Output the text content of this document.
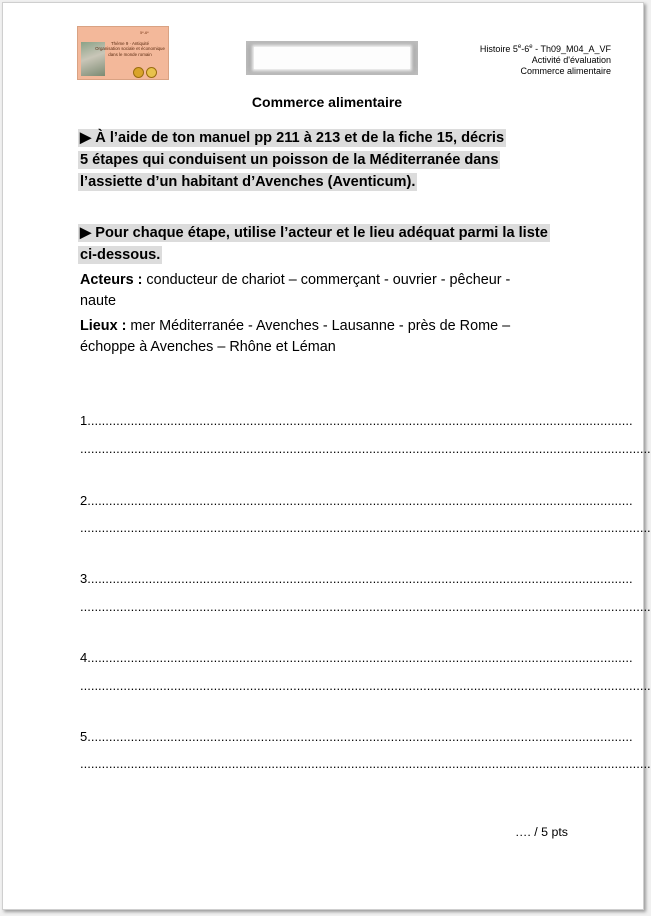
5ᵉ-6ᵉ
Thème 9 · Antiquité
Organisation sociale et économique dans le monde romain
Histoire 5e-6e - Th09_M04_A_VF
Activité d'évaluation
Commerce alimentaire
Commerce alimentaire
▶ À l’aide de ton manuel pp 211 à 213 et de la fiche 15, décris
5 étapes qui conduisent un poisson de la Méditerranée dans
l’assiette d’un habitant d’Avenches (Aventicum).
▶ Pour chaque étape, utilise l’acteur et le lieu adéquat parmi la liste
ci-dessous.
Acteurs : conducteur de chariot – commerçant - ouvrier - pêcheur -
naute
Lieux : mer Méditerranée - Avenches - Lausanne - près de Rome –
échoppe à Avenches – Rhône et Léman
1.......................................................................................................................................................
..............................................................................................................................................................
2.......................................................................................................................................................
..............................................................................................................................................................
3.......................................................................................................................................................
..............................................................................................................................................................
4.......................................................................................................................................................
..............................................................................................................................................................
5.......................................................................................................................................................
..............................................................................................................................................................
…. / 5 pts
